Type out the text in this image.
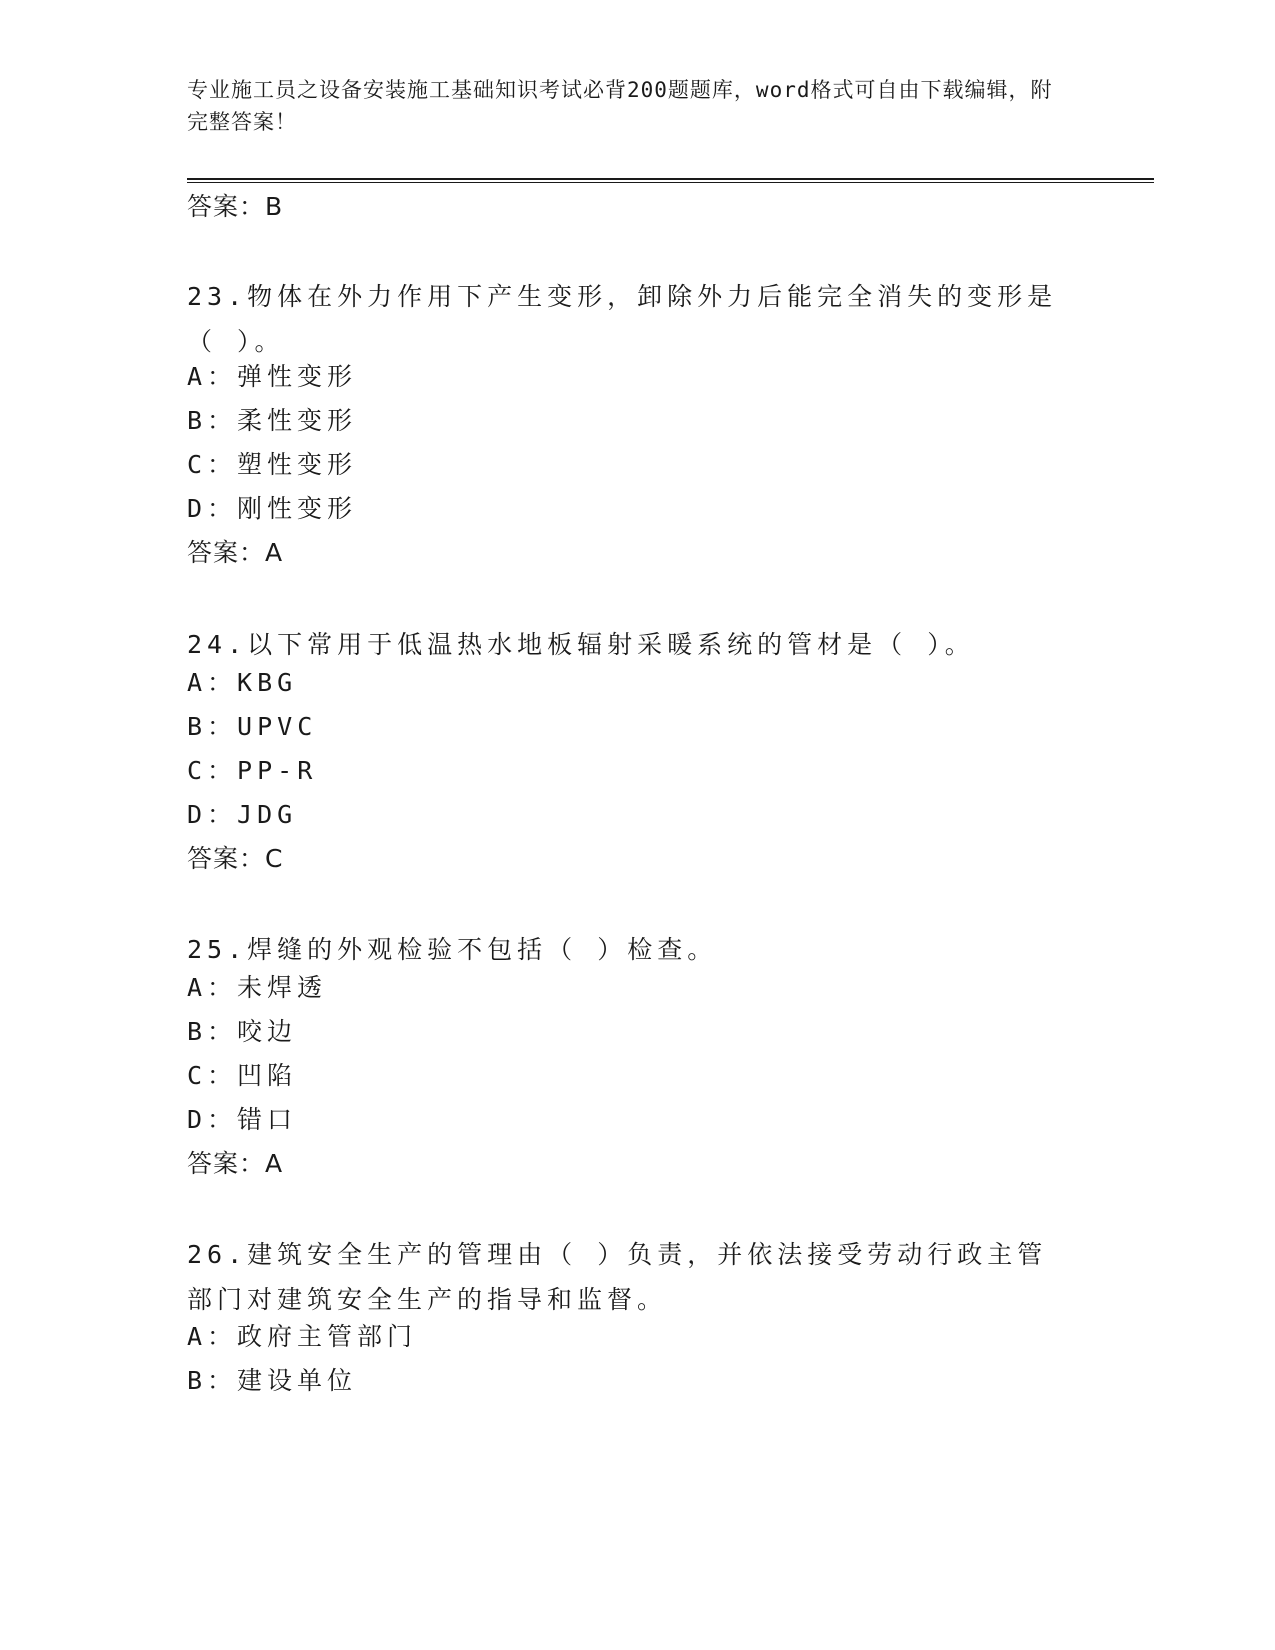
专业施工员之设备安装施工基础知识考试必背200题题库，word格式可自由下载编辑，附完整答案！
答案：B
23.物体在外力作用下产生变形，卸除外力后能完全消失的变形是（ ）。
A：弹性变形
B：柔性变形
C：塑性变形
D：刚性变形
答案：A
24.以下常用于低温热水地板辐射采暖系统的管材是（ ）。
A：KBG
B：UPVC
C：PP-R
D：JDG
答案：C
25.焊缝的外观检验不包括（ ）检查。
A：未焊透
B：咬边
C：凹陷
D：错口
答案：A
26.建筑安全生产的管理由（ ）负责，并依法接受劳动行政主管部门对建筑安全生产的指导和监督。
A：政府主管部门
B：建设单位
